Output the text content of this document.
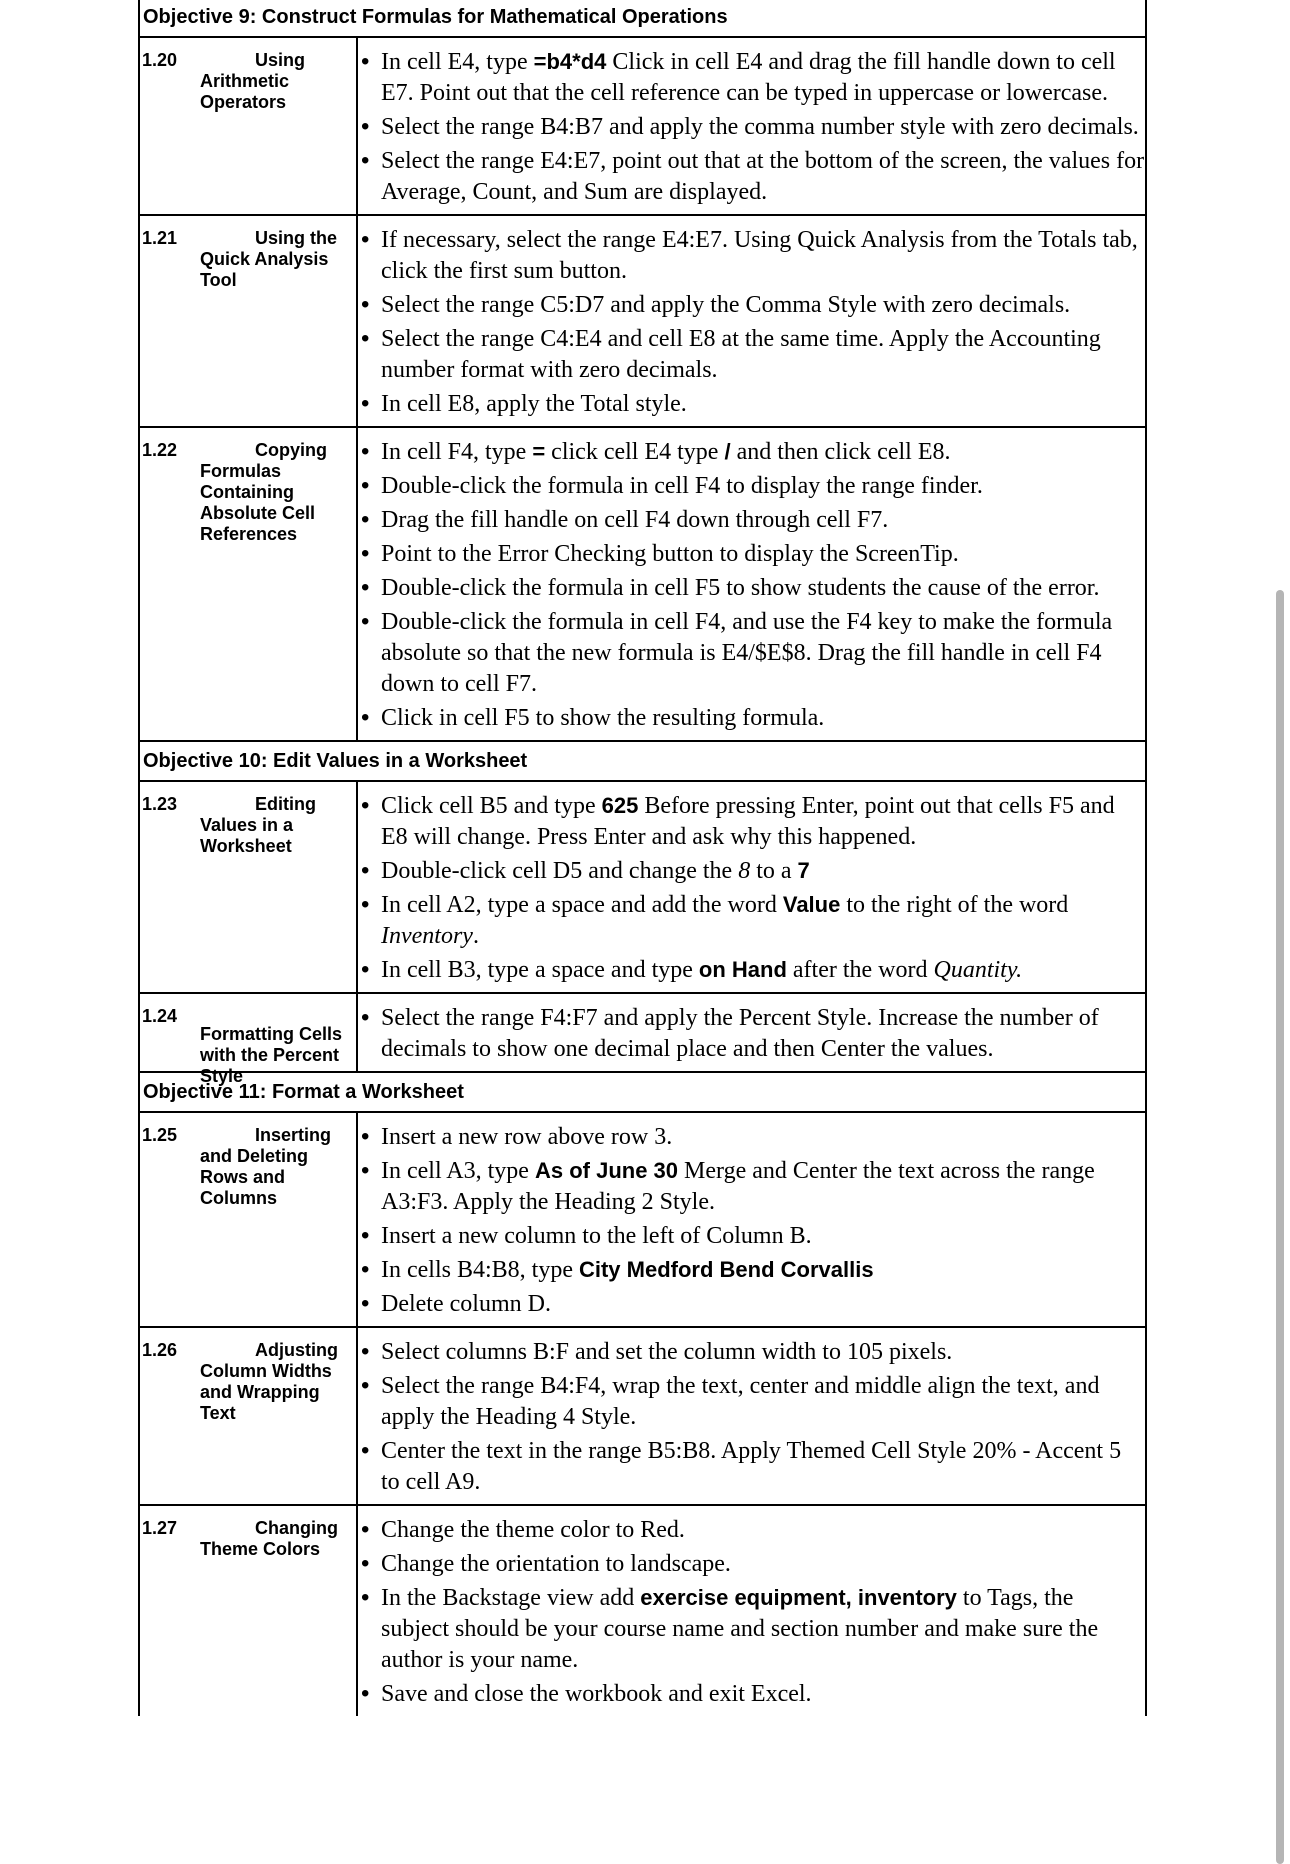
Objective 9: Construct Formulas for Mathematical Operations
1.20	Using
Arithmetic Operators
• In cell E4, type =b4*d4 Click in cell E4 and drag the fill handle down to cell E7. Point out that the cell reference can be typed in uppercase or lowercase.
• Select the range B4:B7 and apply the comma number style with zero decimals.
• Select the range E4:E7, point out that at the bottom of the screen, the values for Average, Count, and Sum are displayed.
1.21	Using the
Quick Analysis Tool
• If necessary, select the range E4:E7. Using Quick Analysis from the Totals tab, click the first sum button.
• Select the range C5:D7 and apply the Comma Style with zero decimals.
• Select the range C4:E4 and cell E8 at the same time. Apply the Accounting number format with zero decimals.
• In cell E8, apply the Total style.
1.22	Copying
Formulas Containing Absolute Cell References
• In cell F4, type = click cell E4 type / and then click cell E8.
• Double-click the formula in cell F4 to display the range finder.
• Drag the fill handle on cell F4 down through cell F7.
• Point to the Error Checking button to display the ScreenTip.
• Double-click the formula in cell F5 to show students the cause of the error.
• Double-click the formula in cell F4, and use the F4 key to make the formula absolute so that the new formula is E4/$E$8. Drag the fill handle in cell F4 down to cell F7.
• Click in cell F5 to show the resulting formula.
Objective 10: Edit Values in a Worksheet
1.23	Editing
Values in a Worksheet
• Click cell B5 and type 625 Before pressing Enter, point out that cells F5 and E8 will change. Press Enter and ask why this happened.
• Double-click cell D5 and change the 8 to a 7
• In cell A2, type a space and add the word Value to the right of the word Inventory.
• In cell B3, type a space and type on Hand after the word Quantity.
1.24
Formatting Cells with the Percent Style
• Select the range F4:F7 and apply the Percent Style. Increase the number of decimals to show one decimal place and then Center the values.
Objective 11: Format a Worksheet
1.25	Inserting
and Deleting Rows and Columns
• Insert a new row above row 3.
• In cell A3, type As of June 30 Merge and Center the text across the range A3:F3. Apply the Heading 2 Style.
• Insert a new column to the left of Column B.
• In cells B4:B8, type City Medford Bend Corvallis
• Delete column D.
1.26	Adjusting
Column Widths and Wrapping Text
• Select columns B:F and set the column width to 105 pixels.
• Select the range B4:F4, wrap the text, center and middle align the text, and apply the Heading 4 Style.
• Center the text in the range B5:B8. Apply Themed Cell Style 20% - Accent 5 to cell A9.
1.27	Changing
Theme Colors
• Change the theme color to Red.
• Change the orientation to landscape.
• In the Backstage view add exercise equipment, inventory to Tags, the subject should be your course name and section number and make sure the author is your name.
• Save and close the workbook and exit Excel.
